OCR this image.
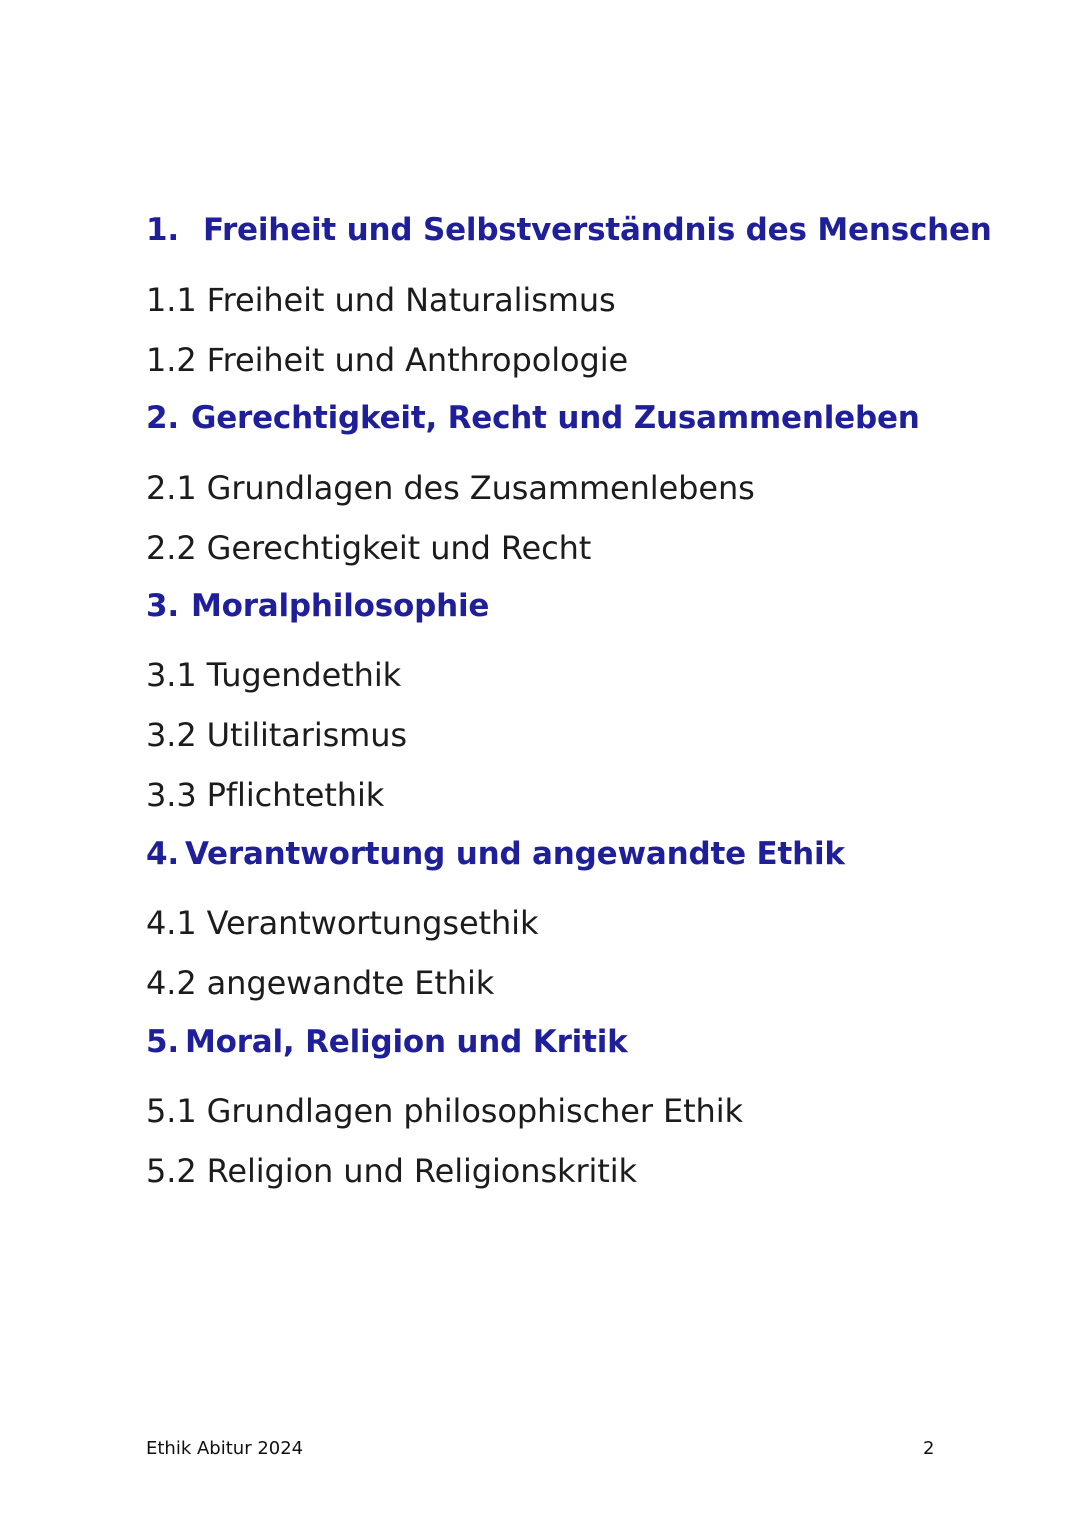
1. Freiheit und Selbstverständnis des Menschen
1.1 Freiheit und Naturalismus
1.2 Freiheit und Anthropologie
2. Gerechtigkeit, Recht und Zusammenleben
2.1 Grundlagen des Zusammenlebens
2.2 Gerechtigkeit und Recht
3. Moralphilosophie
3.1 Tugendethik
3.2 Utilitarismus
3.3 Pflichtethik
4. Verantwortung und angewandte Ethik
4.1 Verantwortungsethik
4.2 angewandte Ethik
5. Moral, Religion und Kritik
5.1 Grundlagen philosophischer Ethik
5.2 Religion und Religionskritik
Ethik Abitur 2024	2
